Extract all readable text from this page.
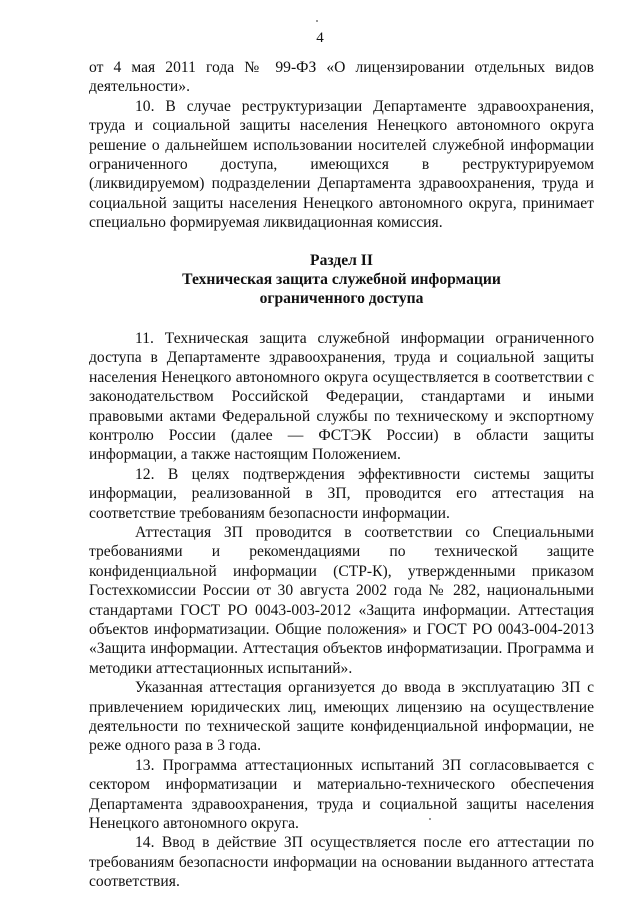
4

от 4 мая 2011 года № 99-ФЗ «О лицензировании отдельных видов деятельности».

10. В случае реструктуризации Департаменте здравоохранения, труда и социальной защиты населения Ненецкого автономного округа решение о дальнейшем использовании носителей служебной информации ограниченного доступа, имеющихся в реструктурируемом (ликвидируемом) подразделении Департамента здравоохранения, труда и социальной защиты населения Ненецкого автономного округа, принимает специально формируемая ликвидационная комиссия.

Раздел II

Техническая защита служебной информации

ограниченного доступа

11. Техническая защита служебной информации ограниченного доступа в Департаменте здравоохранения, труда и социальной защиты населения Ненецкого автономного округа осуществляется в соответствии с законодательством Российской Федерации, стандартами и иными правовыми актами Федеральной службы по техническому и экспортному контролю России (далее — ФСТЭК России) в области защиты информации, а также настоящим Положением.

12. В целях подтверждения эффективности системы защиты информации, реализованной в ЗП, проводится его аттестация на соответствие требованиям безопасности информации.

Аттестация ЗП проводится в соответствии со Специальными требованиями и рекомендациями по технической защите конфиденциальной информации (СТР-К), утвержденными приказом Гостехкомиссии России от 30 августа 2002 года № 282, национальными стандартами ГОСТ РО 0043-003-2012 «Защита информации. Аттестация объектов информатизации. Общие положения» и ГОСТ РО 0043-004-2013 «Защита информации. Аттестация объектов информатизации. Программа и методики аттестационных испытаний».

Указанная аттестация организуется до ввода в эксплуатацию ЗП с привлечением юридических лиц, имеющих лицензию на осуществление деятельности по технической защите конфиденциальной информации, не реже одного раза в 3 года.

13. Программа аттестационных испытаний ЗП согласовывается с сектором информатизации и материально-технического обеспечения Департамента здравоохранения, труда и социальной защиты населения Ненецкого автономного округа.

14. Ввод в действие ЗП осуществляется после его аттестации по требованиям безопасности информации на основании выданного аттестата соответствия.
